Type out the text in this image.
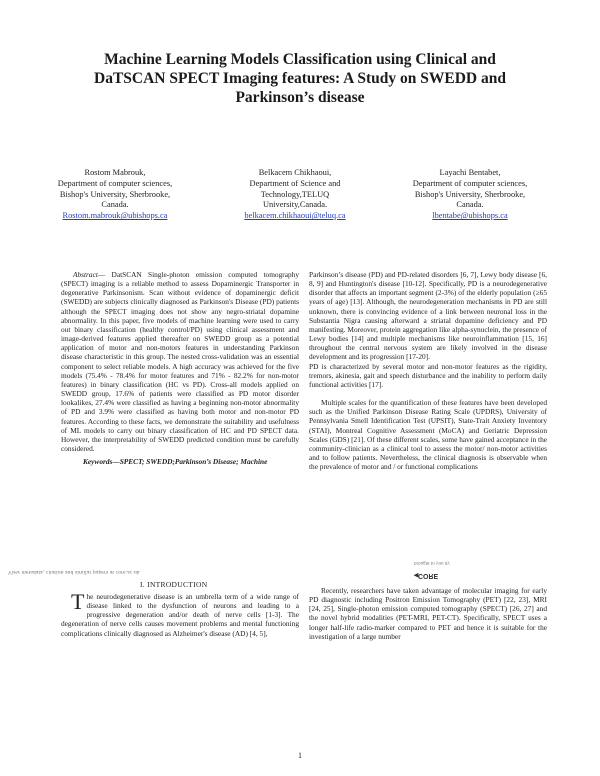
Machine Learning Models Classification using Clinical and
DaTSCAN SPECT Imaging features: A Study on SWEDD and
Parkinson’s disease
Rostom Mabrouk,
Department of computer sciences,
Bishop's University, Sherbrooke,
Canada.
Rostom.mabrouk@ubishops.ca
Belkacem Chikhaoui,
Department of Science and
Technology,TELUQ
University,Canada.
belkacem.chikhaoui@teluq.ca
Layachi Bentabet,
Department of computer sciences,
Bishop's University, Sherbrooke,
Canada.
lbentabe@ubishops.ca

Abstract— DatSCAN Single-photon emission computed tomography (SPECT) imaging is a reliable method to assess Dopaminergic Transporter in degenerative Parkinsonism. Scan without evidence of dopaminergic deficit (SWEDD) are subjects clinically diagnosed as Parkinson's Disease (PD) patients although the SPECT imaging does not show any negro-striatal dopamine abnormality. In this paper, five models of machine learning were used to carry out binary classification (healthy control/PD) using clinical assessment and image-derived features applied thereafter on SWEDD group as a potential application of motor and non-motors features in understanding Parkinson disease characteristic in this group. The nested cross-validation was an essential component to select reliable models. A high accuracy was achieved for the five models (75.4% - 78.4% for motor features and 71% - 82.2% for non-motor features) in binary classification (HC vs PD). Cross-all models applied on SWEDD group, 17.6% of patients were classified as PD motor disorder lookalikes, 27.4% were classified as having a beginning non-motor abnormality of PD and 3.9% were classified as having both motor and non-motor PD features. According to these facts, we demonstrate the suitability and usefulness of ML models to carry out binary classification of HC and PD SPECT data. However, the interpretability of SWEDD predicted condition must be carefully considered.

Keywords—SPECT; SWEDD;Parkinson’s Disease; Machine

Parkinson’s disease (PD) and PD-related disorders [6, 7], Lewy body disease [6, 8, 9] and Huntington's disease [10-12]. Specifically, PD is a neurodegenerative disorder that affects an important segment (2-3%) of the elderly population (≥65 years of age) [13]. Although, the neurodegeneration mechanisms in PD are still unknown, there is convincing evidence of a link between neuronal loss in the Substantia Nigra causing afterward a striatal dopamine deficiency and PD manifesting. Moreover, protein aggregation like alpha-synuclein, the presence of Lewy bodies [14] and multiple mechanisms like neuroinflammation [15, 16] throughout the central nervous system are likely involved in the disease development and its progression [17-20].

PD is characterized by several motor and non-motor features as the rigidity, tremors, akinesia, gait and speech disturbance and the inability to perform daily functional activities [17].

Multiple scales for the quantification of these features have been developed such as the Unified Parkinson Disease Rating Scale (UPDRS), University of Pennsylvania Smell Identification Test (UPSIT), State-Trait Anxiety Inventory (STAI), Montreal Cognitive Assessment (MoCA) and Geriatric Depression Scales (GDS) [21]. Of these different scales, some have gained acceptance in the community-clinician as a clinical tool to assess the motor/ non-motor activities and to follow patients. Nevertheless, the clinical diagnosis is observable when the prevalence of motor and / or functional complications

View metadata, citation and similar papers at core.ac.uk
brought to you by
◄
CORE
I. INTRODUCTION

The neurodegenerative disease is an umbrella term of a wide range of disease linked to the dysfunction of neurons and leading to a progressive degeneration and/or death of nerve cells [1-3]. The degeneration of nerve cells causes movement problems and mental functioning complications clinically diagnosed as Alzheimer's disease (AD) [4, 5],

Recently, researchers have taken advantage of molecular imaging for early PD diagnostic including Positron Emission Tomography (PET) [22, 23], MRI [24, 25], Single-photon emission computed tomography (SPECT) [26, 27] and the novel hybrid modalities (PET-MRI, PET-CT). Specifically, SPECT uses a longer half-life radio-marker compared to PET and hence it is suitable for the investigation of a large number

1
